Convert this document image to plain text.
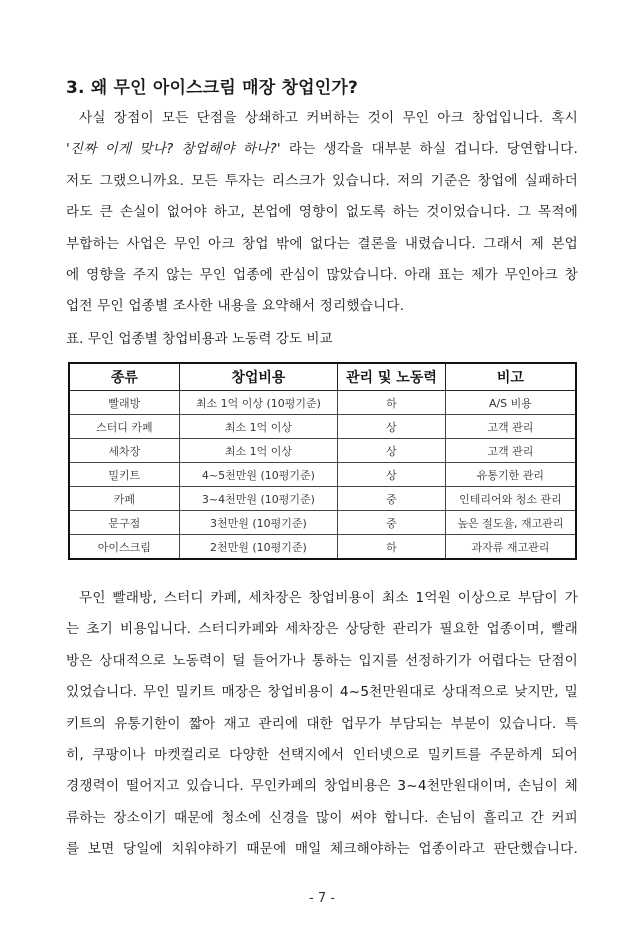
3. 왜 무인 아이스크림 매장 창업인가?
사실 장점이 모든 단점을 상쇄하고 커버하는 것이 무인 아크 창업입니다. 혹시
'진짜 이게 맞나? 창업해야 하나?' 라는 생각을 대부분 하실 겁니다. 당연합니다.
저도 그랬으니까요. 모든 투자는 리스크가 있습니다. 저의 기준은 창업에 실패하더
라도 큰 손실이 없어야 하고, 본업에 영향이 없도록 하는 것이었습니다. 그 목적에
부합하는 사업은 무인 아크 창업 밖에 없다는 결론을 내렸습니다. 그래서 제 본업
에 영향을 주지 않는 무인 업종에 관심이 많았습니다. 아래 표는 제가 무인아크 창
업전 무인 업종별 조사한 내용을 요약해서 정리했습니다.
표. 무인 업종별 창업비용과 노동력 강도 비교
종류	창업비용	관리 및 노동력	비고
빨래방	최소 1억 이상 (10평기준)	하	A/S 비용
스터디 카페	최소 1억 이상	상	고객 관리
세차장	최소 1억 이상	상	고객 관리
밀키트	4~5천만원 (10평기준)	상	유통기한 관리
카페	3~4천만원 (10평기준)	중	인테리어와 청소 관리
문구점	3천만원 (10평기준)	중	높은 절도율, 재고관리
아이스크림	2천만원 (10평기준)	하	과자류 재고관리
무인 빨래방, 스터디 카페, 세차장은 창업비용이 최소 1억원 이상으로 부담이 가
는 초기 비용입니다. 스터디카페와 세차장은 상당한 관리가 필요한 업종이며, 빨래
방은 상대적으로 노동력이 덜 들어가나 통하는 입지를 선정하기가 어렵다는 단점이
있었습니다. 무인 밀키트 매장은 창업비용이 4~5천만원대로 상대적으로 낮지만, 밀
키트의 유통기한이 짧아 재고 관리에 대한 업무가 부담되는 부분이 있습니다. 특
히, 쿠팡이나 마켓컬리로 다양한 선택지에서 인터넷으로 밀키트를 주문하게 되어
경쟁력이 떨어지고 있습니다. 무인카페의 창업비용은 3~4천만원대이며, 손님이 체
류하는 장소이기 때문에 청소에 신경을 많이 써야 합니다. 손님이 흘리고 간 커피
를 보면 당일에 치워야하기 때문에 매일 체크해야하는 업종이라고 판단했습니다.
- 7 -
